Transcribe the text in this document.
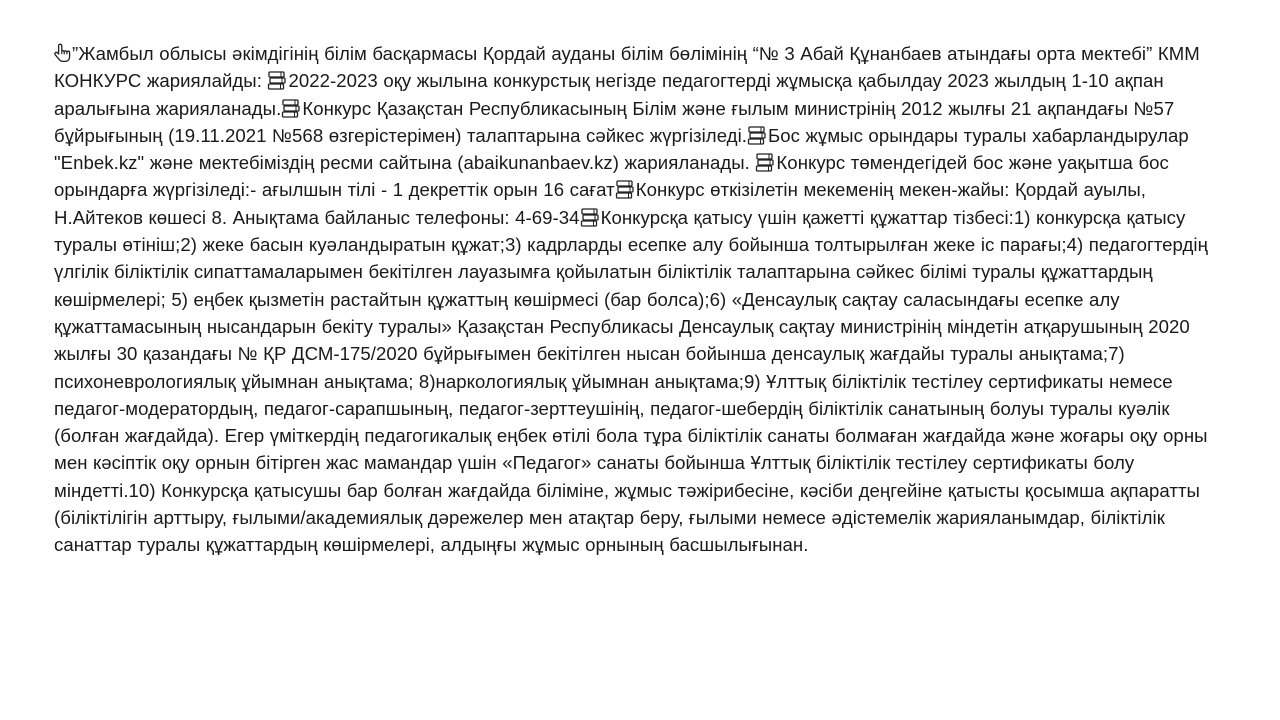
”Жамбыл облысы әкімдігінің білім басқармасы Қордай ауданы білім бөлімінің “№ 3 Абай Құнанбаев атындағы орта мектебі” КММ КОНКУРС жариялайды:
2022-2023 оқу жылына конкурстық негізде педагогтерді жұмысқа қабылдау 2023 жылдың 1-10 ақпан аралығына жарияланады. Конкурс Қазақстан Республикасының Білім және ғылым министрінің 2012 жылғы 21 ақпандағы №57 бұйрығының (19.11.2021 №568 өзгерістерімен) талаптарына сәйкес жүргізіледі. Бос жұмыс орындары туралы хабарландырулар "Enbek.kz" және мектебіміздің ресми сайтына (abaikunanbaev.kz) жарияланады.
Конкурс төмендегідей бос және уақытша бос орындарға жүргізіледі:- ағылшын тілі - 1 декреттік орын 16 сағат Конкурс өткізілетін мекеменің мекен-жайы: Қордай ауылы, Н.Айтеков көшесі 8. Анықтама байланыс телефоны: 4-69-34 Конкурсқа қатысу үшін қажетті құжаттар тізбесі:1) конкурсқа қатысу туралы өтініш;2) жеке басын куәландыратын құжат;3) кадрларды есепке алу бойынша толтырылған жеке іс парағы;4) педагогтердің үлгілік біліктілік сипаттамаларымен бекітілген лауазымға қойылатын біліктілік талаптарына сәйкес білімі туралы құжаттардың көшірмелері; 5) еңбек қызметін растайтын құжаттың көшірмесі (бар болса);6) «Денсаулық сақтау саласындағы есепке алу құжаттамасының нысандарын бекіту туралы» Қазақстан Республикасы Денсаулық сақтау министрінің міндетін атқарушының 2020 жылғы 30 қазандағы № ҚР ДСМ-175/2020 бұйрығымен бекітілген нысан бойынша денсаулық жағдайы туралы анықтама;7) психоневрологиялық ұйымнан анықтама; 8)наркологиялық ұйымнан анықтама;9) Ұлттық біліктілік тестілеу сертификаты немесе педагог-модератордың, педагог-сарапшының, педагог-зерттеушінің, педагог-шебердің біліктілік санатының болуы туралы куәлік (болған жағдайда). Егер үміткердің педагогикалық еңбек өтілі бола тұра біліктілік санаты болмаған жағдайда және жоғары оқу орны мен кәсіптік оқу орнын бітірген жас мамандар үшін «Педагог» санаты бойынша Ұлттық біліктілік тестілеу сертификаты болу міндетті.10) Конкурсқа қатысушы бар болған жағдайда біліміне, жұмыс тәжірибесіне, кәсіби деңгейіне қатысты қосымша ақпаратты (біліктілігін арттыру, ғылыми/академиялық дәрежелер мен атақтар беру, ғылыми немесе әдістемелік жарияланымдар, біліктілік санаттар туралы құжаттардың көшірмелері, алдыңғы жұмыс орнының басшылығынан.
